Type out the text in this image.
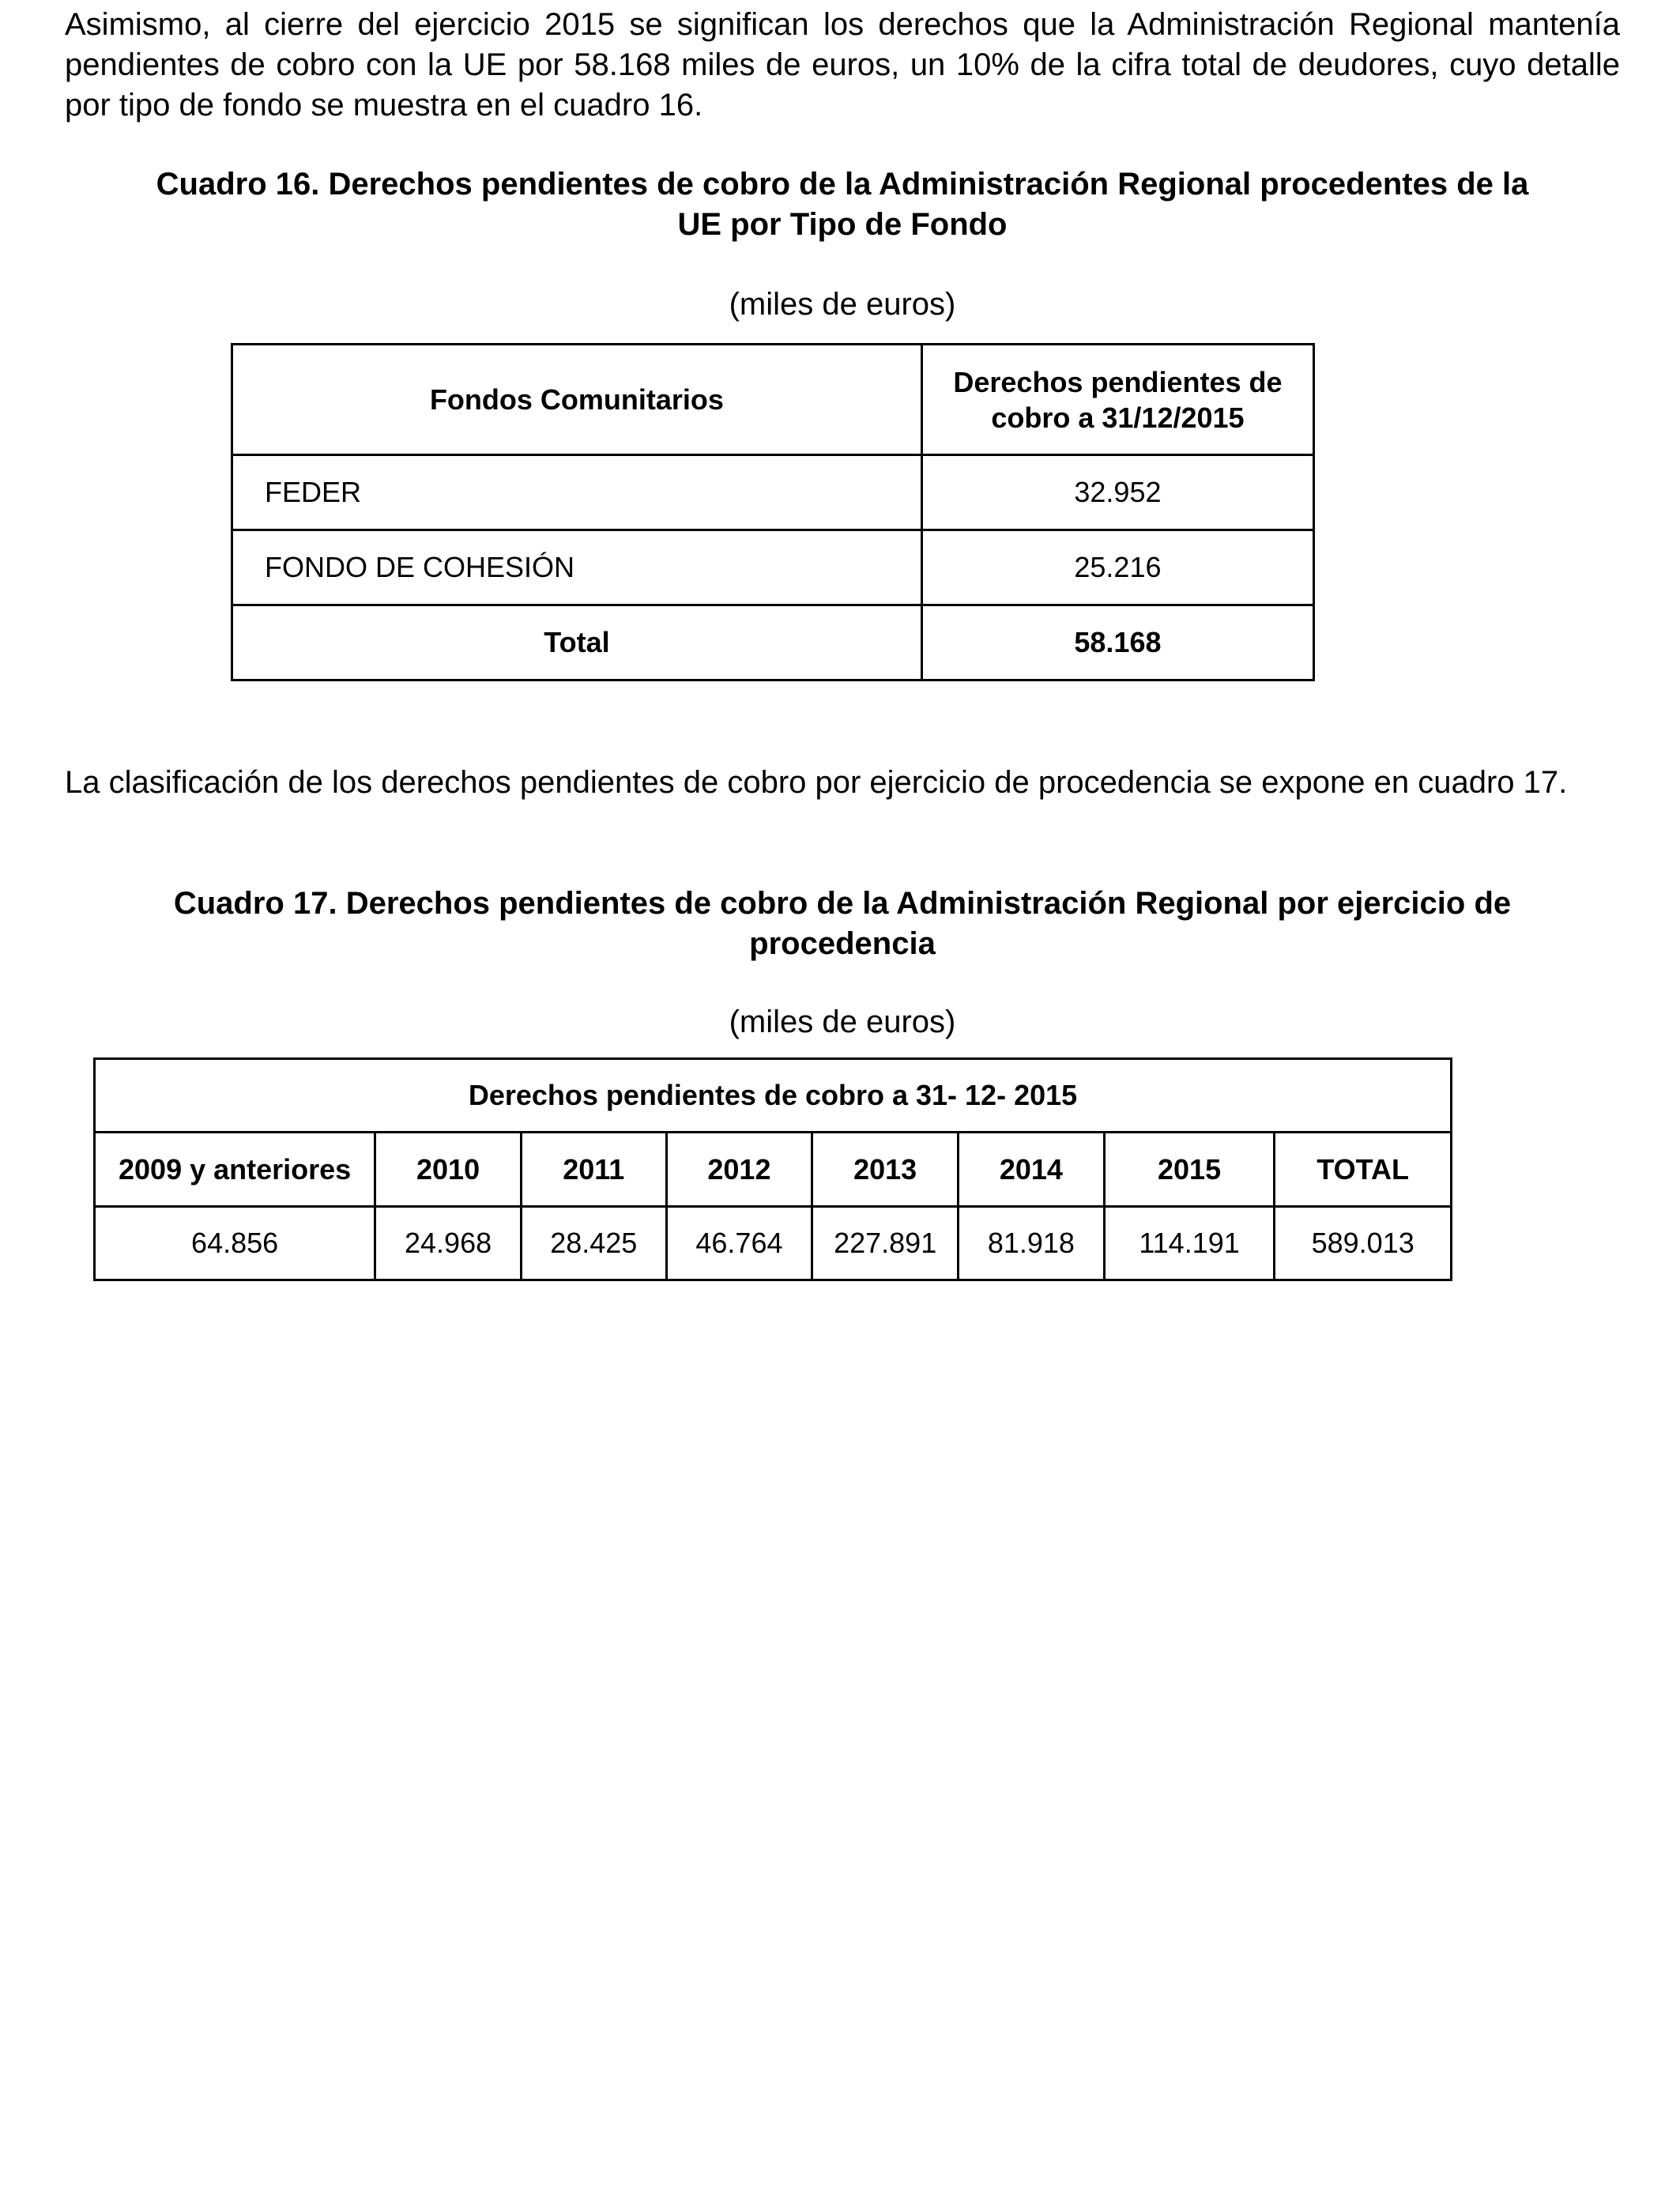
Asimismo, al cierre del ejercicio 2015 se significan los derechos que la Administración Regional mantenía pendientes de cobro con la UE por 58.168 miles de euros, un 10% de la cifra total de deudores, cuyo detalle por tipo de fondo se muestra en el cuadro 16.

Cuadro 16. Derechos pendientes de cobro de la Administración Regional procedentes de la
UE por Tipo de Fondo

(miles de euros)

La clasificación de los derechos pendientes de cobro por ejercicio de procedencia se expone en cuadro 17.

Cuadro 17. Derechos pendientes de cobro de la Administración Regional por ejercicio de
procedencia

(miles de euros)
Fondos Comunitarios	Derechos pendientes de
cobro a 31/12/2015
FEDER	32.952
FONDO DE COHESIÓN	25.216
Total	58.168
Derechos pendientes de cobro a 31- 12- 2015							
2009 y anteriores	2010	2011	2012	2013	2014	2015	TOTAL
64.856	24.968	28.425	46.764	227.891	81.918	114.191	589.013
